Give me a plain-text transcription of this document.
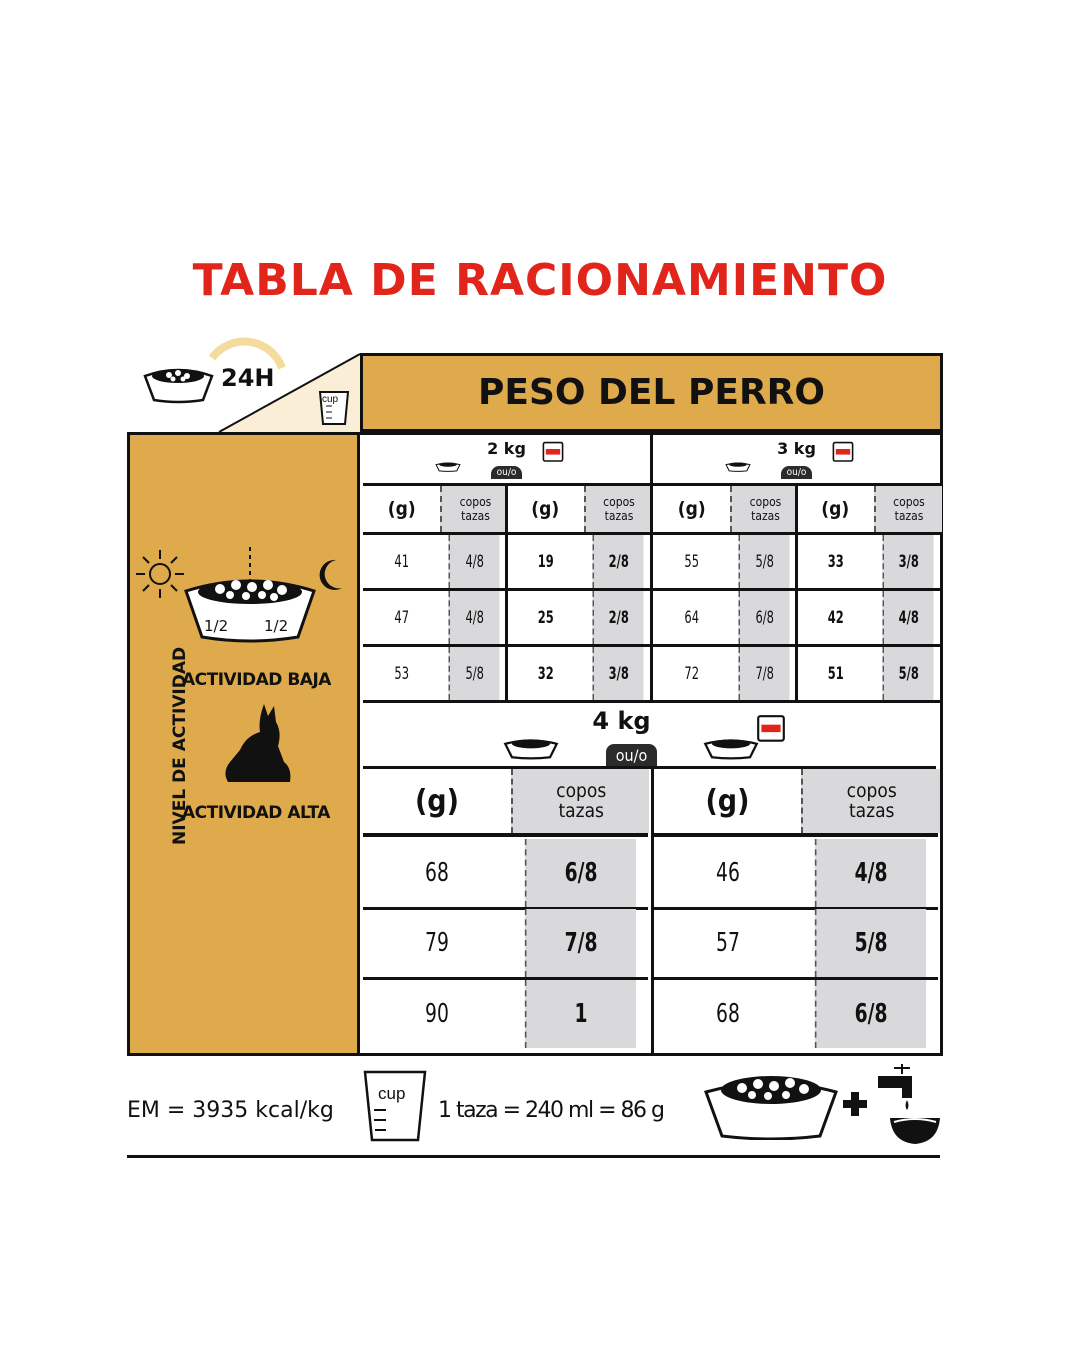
TABLA DE RACIONAMIENTO
24H
cup	PESO DEL PERRO
NIVEL DE ACTIVIDAD
1/2 1/2
ACTIVIDAD BAJA
ACTIVIDAD ALTA
2 kg
ou/o
(g)	copos
tazas
41	4/8
47	4/8
53	5/8
(g)	copos
tazas
19	2/8
25	2/8
32	3/8
3 kg
ou/o
(g)	copos
tazas
55	5/8
64	6/8
72	7/8
(g)	copos
tazas
33	3/8
42	4/8
51	5/8
4 kg
ou/o
(g)	copos
tazas
68	6/8
79	7/8
90	1
(g)	copos
tazas
46	4/8
57	5/8
68	6/8
EM = 3935 kcal/kg
cup
1 taza = 240 ml = 86 g
